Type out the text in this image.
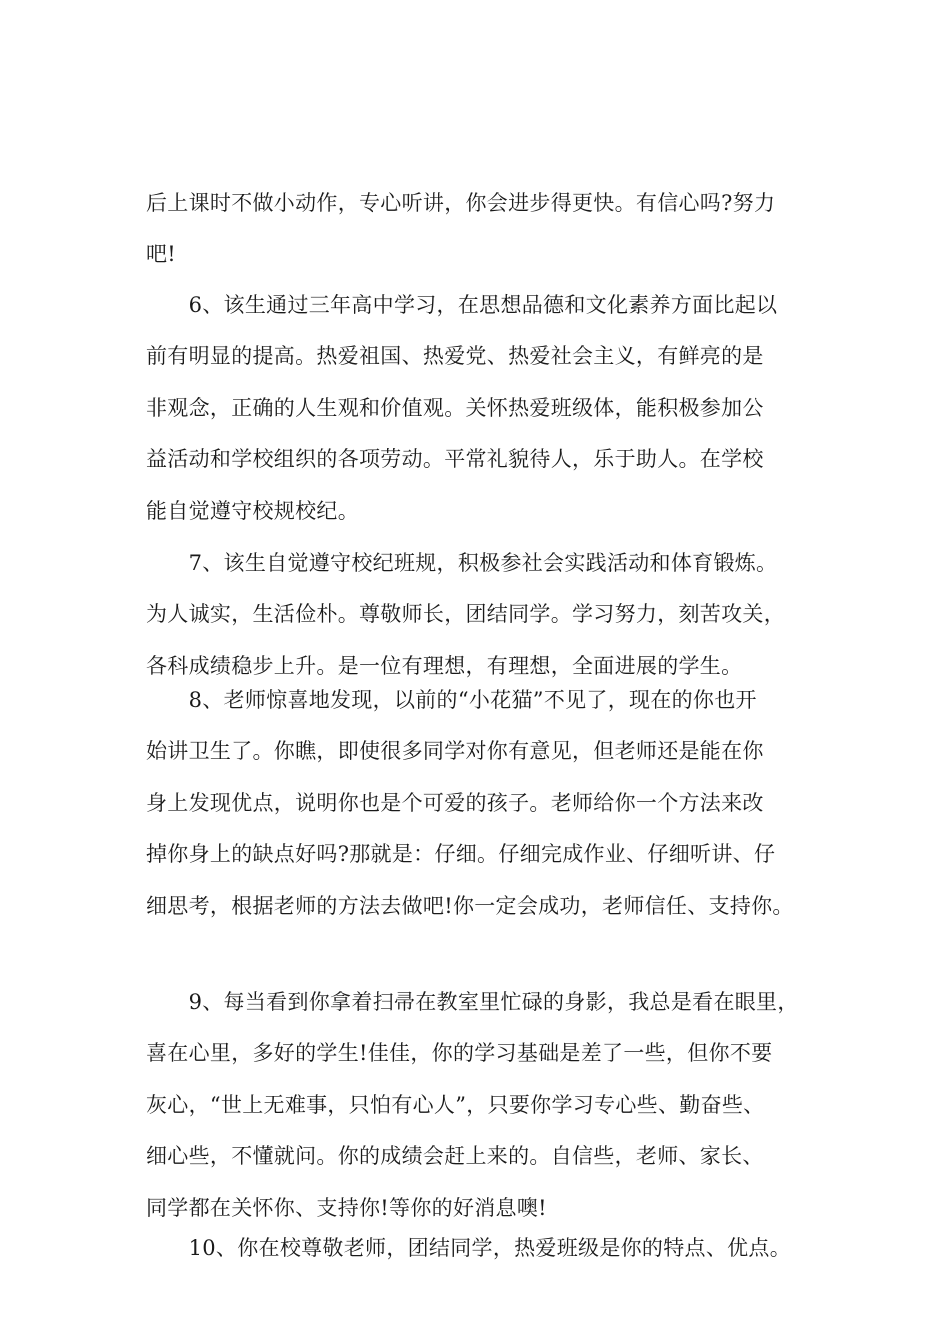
后上课时不做小动作，专心听讲，你会进步得更快。有信心吗?努力
吧!

　　6、该生通过三年高中学习，在思想品德和文化素养方面比起以
前有明显的提高。热爱祖国、热爱党、热爱社会主义，有鲜亮的是
非观念，正确的人生观和价值观。关怀热爱班级体，能积极参加公
益活动和学校组织的各项劳动。平常礼貌待人，乐于助人。在学校
能自觉遵守校规校纪。

　　7、该生自觉遵守校纪班规，积极参社会实践活动和体育锻炼。
为人诚实，生活俭朴。尊敬师长，团结同学。学习努力，刻苦攻关，
各科成绩稳步上升。是一位有理想，有理想，全面进展的学生。

　　8、老师惊喜地发现，以前的“小花猫”不见了，现在的你也开
始讲卫生了。你瞧，即使很多同学对你有意见，但老师还是能在你
身上发现优点，说明你也是个可爱的孩子。老师给你一个方法来改
掉你身上的缺点好吗?那就是：仔细。仔细完成作业、仔细听讲、仔
细思考，根据老师的方法去做吧!你一定会成功，老师信任、支持你。

　　9、每当看到你拿着扫帚在教室里忙碌的身影，我总是看在眼里，
喜在心里，多好的学生!佳佳，你的学习基础是差了一些，但你不要
灰心，“世上无难事，只怕有心人”，只要你学习专心些、勤奋些、
细心些，不懂就问。你的成绩会赶上来的。自信些，老师、家长、
同学都在关怀你、支持你!等你的好消息噢!

　　10、你在校尊敬老师，团结同学，热爱班级是你的特点、优点。
